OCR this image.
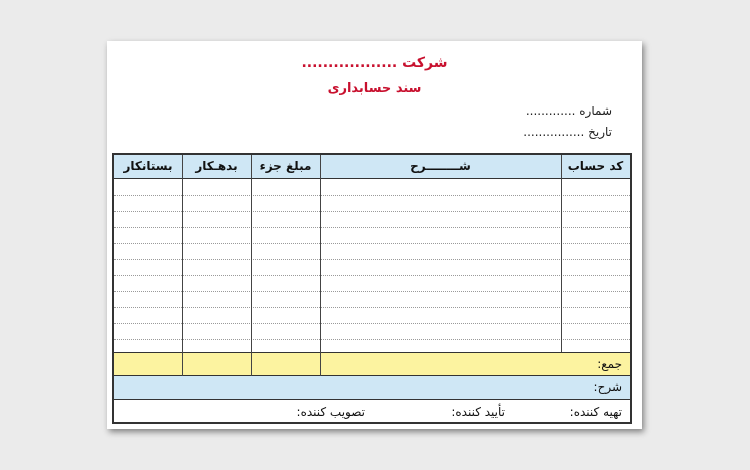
شرکت ..................
سند حسابداری
شماره .............
تاریخ ................
کد حساب
شــــــــرح
مبلغ جزء
بدهـکار
بستانکار
جمع:
شرح:
تهیه کننده:
تأیید کننده:
تصویب کننده:
